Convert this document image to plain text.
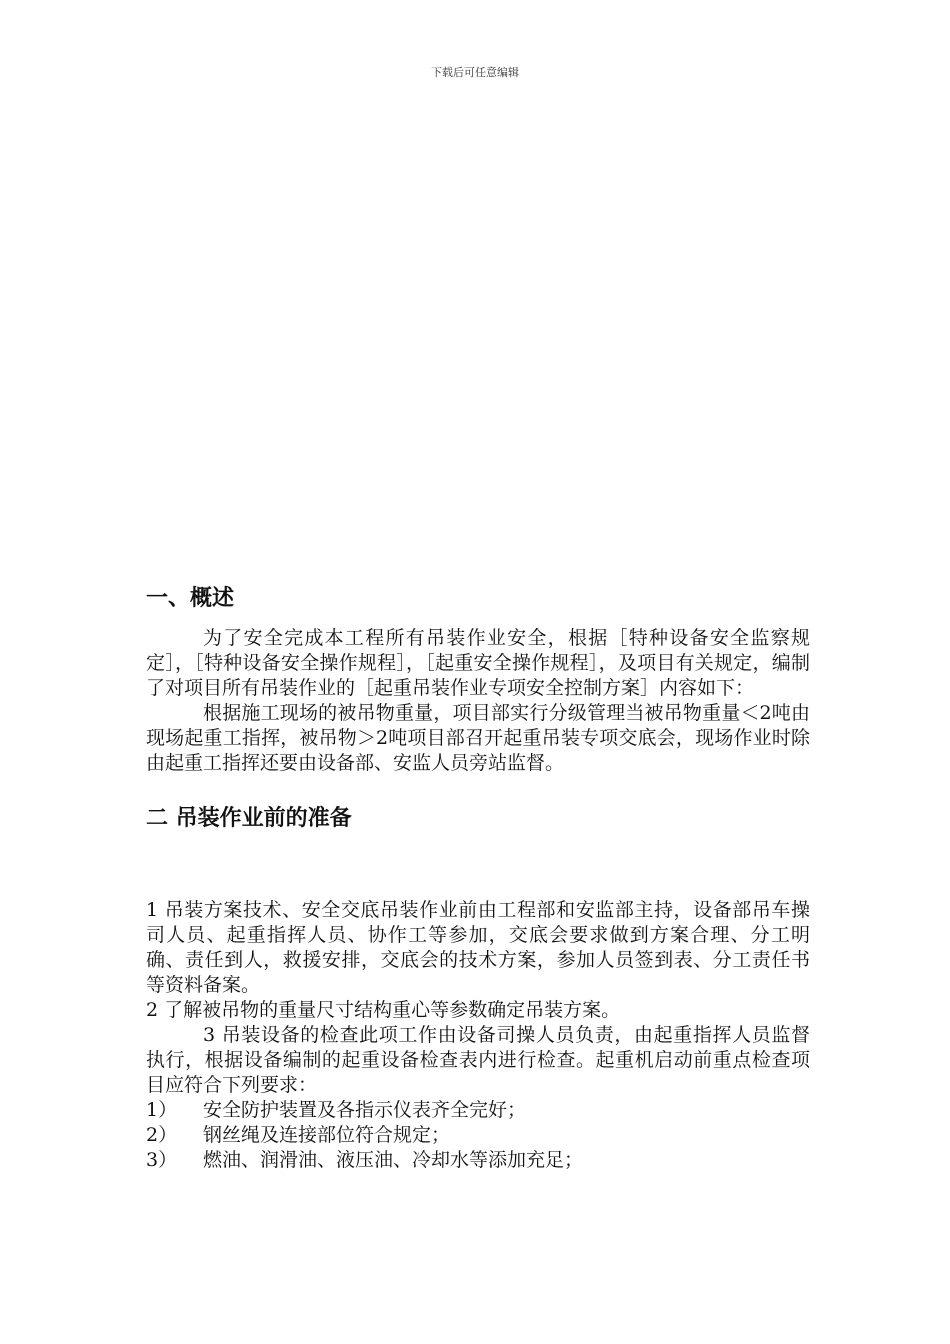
下载后可任意编辑
一、概述

为了安全完成本工程所有吊装作业安全，根据［特种设备安全监察规定］，［特种设备安全操作规程］，［起重安全操作规程］，及项目有关规定，编制了对项目所有吊装作业的［起重吊装作业专项安全控制方案］内容如下：

根据施工现场的被吊物重量，项目部实行分级管理当被吊物重量＜2吨由现场起重工指挥，被吊物＞2吨项目部召开起重吊装专项交底会，现场作业时除由起重工指挥还要由设备部、安监人员旁站监督。

二 吊装作业前的准备

1 吊装方案技术、安全交底吊装作业前由工程部和安监部主持，设备部吊车操司人员、起重指挥人员、协作工等参加，交底会要求做到方案合理、分工明确、责任到人，救援安排，交底会的技术方案，参加人员签到表、分工责任书等资料备案。

2 了解被吊物的重量尺寸结构重心等参数确定吊装方案。

3 吊装设备的检查此项工作由设备司操人员负责，由起重指挥人员监督执行，根据设备编制的起重设备检查表内进行检查。起重机启动前重点检查项目应符合下列要求：

1）	安全防护装置及各指示仪表齐全完好；
2）	钢丝绳及连接部位符合规定；
3）	燃油、润滑油、液压油、冷却水等添加充足；
